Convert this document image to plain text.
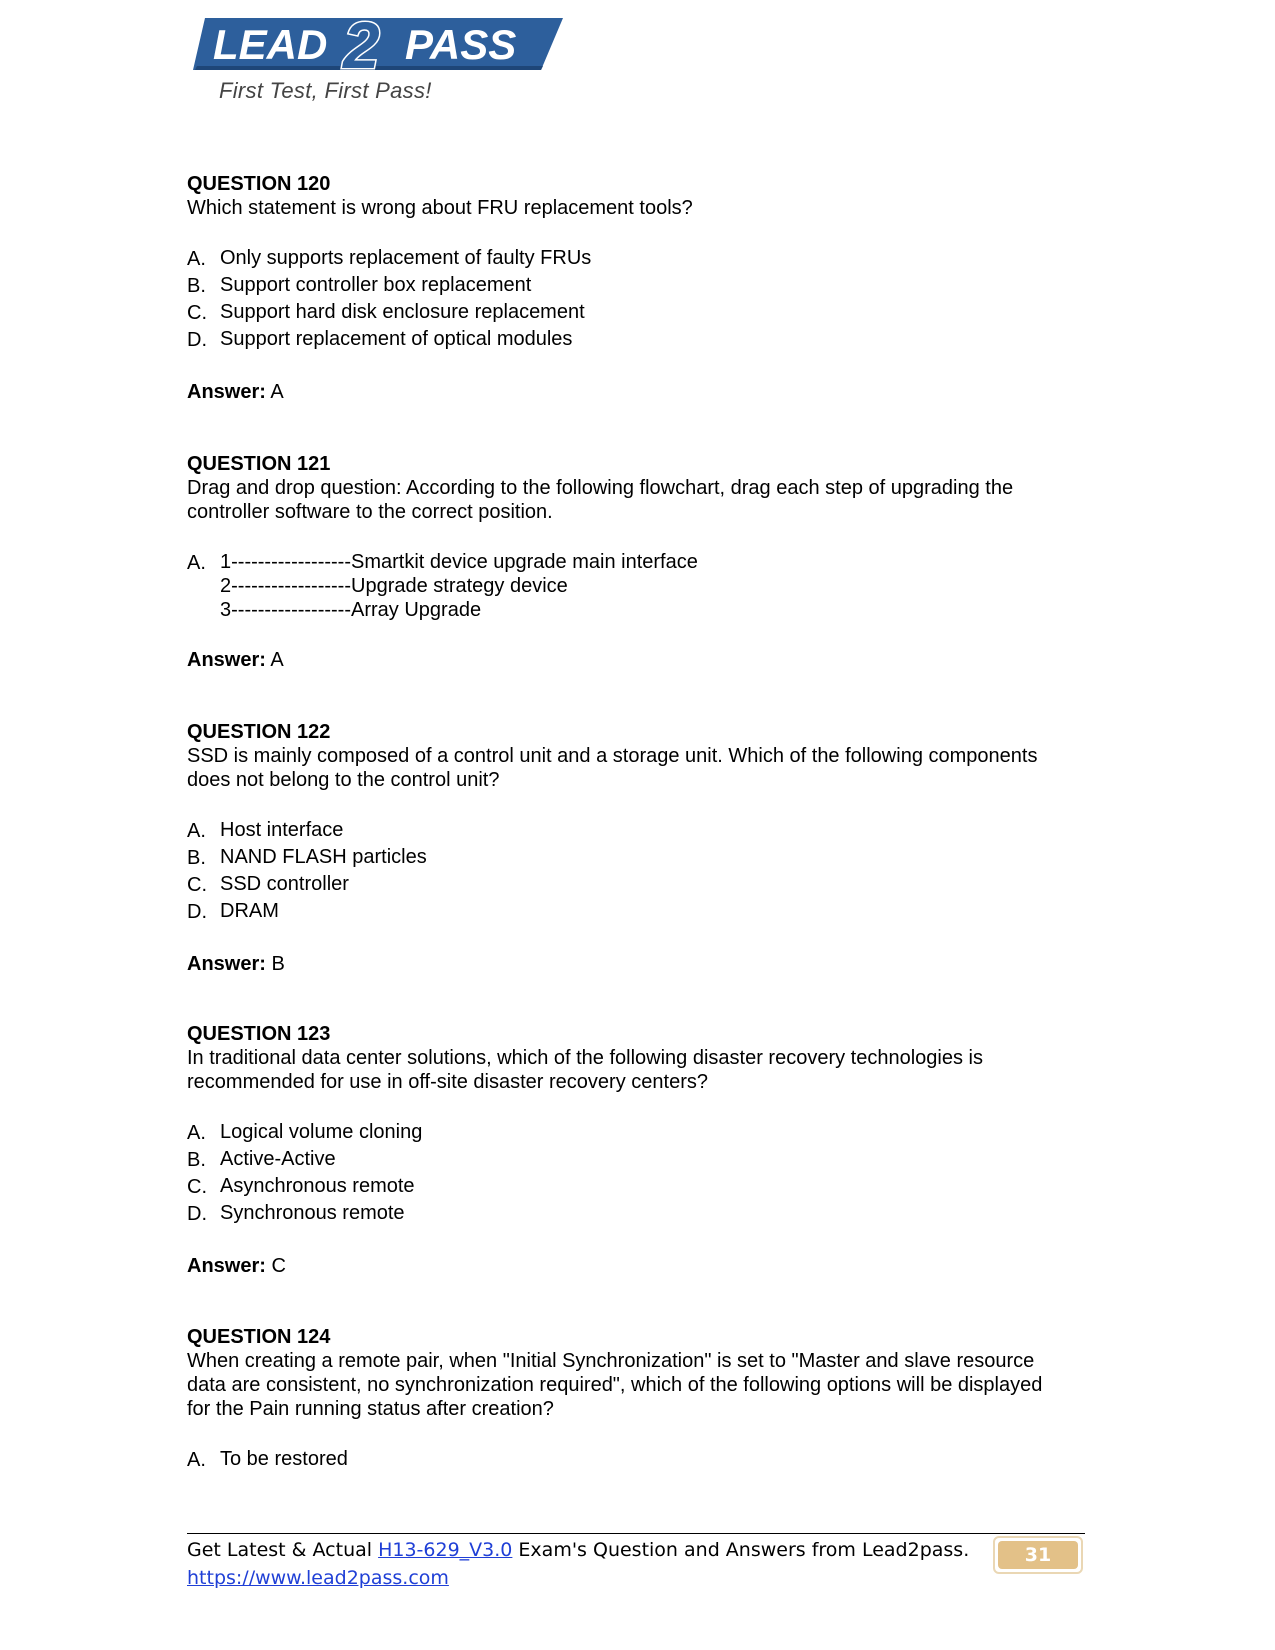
LEAD 2 PASS
First Test, First Pass!
QUESTION 120
Which statement is wrong about FRU replacement tools?
A. Only supports replacement of faulty FRUs
B. Support controller box replacement
C. Support hard disk enclosure replacement
D. Support replacement of optical modules
Answer: A
QUESTION 121
Drag and drop question: According to the following flowchart, drag each step of upgrading the
controller software to the correct position.
A. 1------------------Smartkit device upgrade main interface
2------------------Upgrade strategy device
3------------------Array Upgrade
Answer: A
QUESTION 122
SSD is mainly composed of a control unit and a storage unit. Which of the following components
does not belong to the control unit?
A. Host interface
B. NAND FLASH particles
C. SSD controller
D. DRAM
Answer: B
QUESTION 123
In traditional data center solutions, which of the following disaster recovery technologies is
recommended for use in off-site disaster recovery centers?
A. Logical volume cloning
B. Active-Active
C. Asynchronous remote
D. Synchronous remote
Answer: C
QUESTION 124
When creating a remote pair, when "Initial Synchronization" is set to "Master and slave resource
data are consistent, no synchronization required", which of the following options will be displayed
for the Pain running status after creation?
A. To be restored
Get Latest & Actual H13-629_V3.0 Exam's Question and Answers from Lead2pass.
https://www.lead2pass.com
31
